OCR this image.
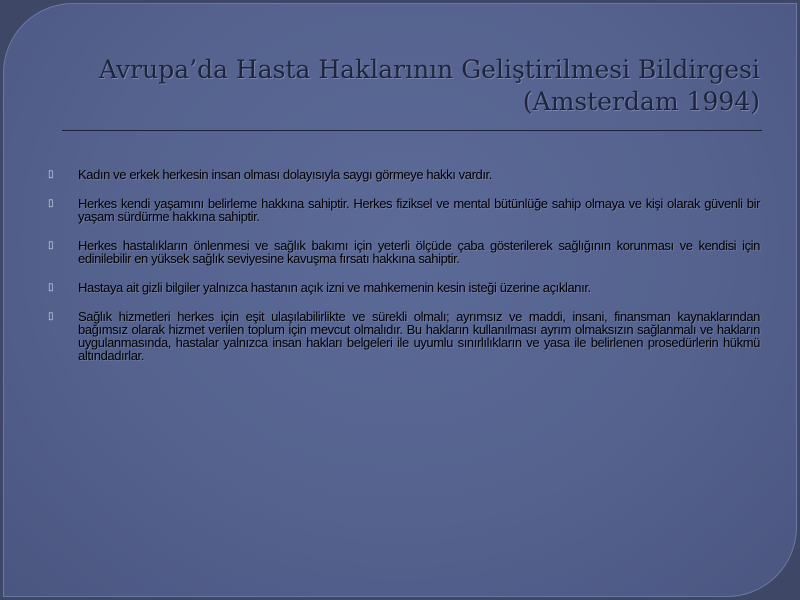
Avrupa’da Hasta Haklarının Geliştirilmesi Bildirgesi
(Amsterdam 1994)
▯	Kadın ve erkek herkesin insan olması dolayısıyla saygı görmeye hakkı vardır.
▯	Herkes kendi yaşamını belirleme hakkına sahiptir. Herkes fiziksel ve mental bütünlüğe sahip olmaya ve kişi olarak güvenli bir yaşam sürdürme hakkına sahiptir.
▯	Herkes hastalıkların önlenmesi ve sağlık bakımı için yeterli ölçüde çaba gösterilerek sağlığının korunması ve kendisi için edinilebilir en yüksek sağlık seviyesine kavuşma fırsatı hakkına sahiptir.
▯	Hastaya ait gizli bilgiler yalnızca hastanın açık izni ve mahkemenin kesin isteği üzerine açıklanır.
▯	Sağlık hizmetleri herkes için eşit ulaşılabilirlikte ve sürekli olmalı; ayrımsız ve maddi, insani, finansman kaynaklarından bağımsız olarak hizmet verilen toplum için mevcut olmalıdır. Bu hakların kullanılması ayrım olmaksızın sağlanmalı ve hakların uygulanmasında, hastalar yalnızca insan hakları belgeleri ile uyumlu sınırlılıkların ve yasa ile belirlenen prosedürlerin hükmü altındadırlar.
